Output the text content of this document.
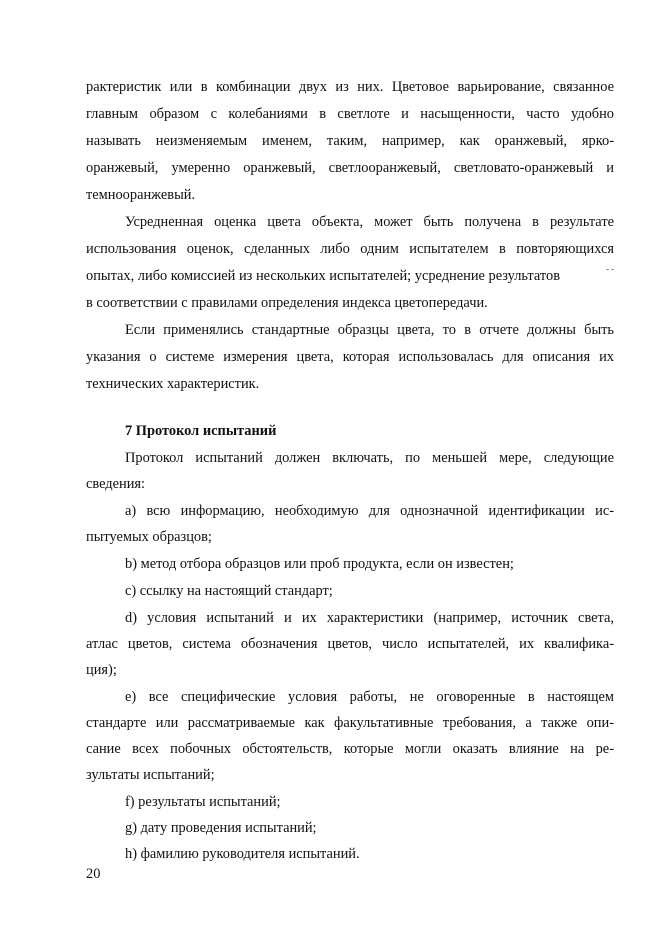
рактеристик или в комбинации двух из них. Цветовое варьирование, связанное
главным образом с колебаниями в светлоте и насыщенности, часто удобно
называть неизменяемым именем, таким, например, как оранжевый, ярко-
оранжевый, умеренно оранжевый, светлооранжевый, светловато-оранжевый и
темнооранжевый.
Усредненная оценка цвета объекта, может быть получена в результате
использования оценок, сделанных либо одним испытателем в повторяющихся
опытах, либо комиссией из нескольких испытателей; усреднение результатов
в соответствии с правилами определения индекса цветопередачи.
Если применялись стандартные образцы цвета, то в отчете должны быть
указания о системе измерения цвета, которая использовалась для описания их
технических характеристик.
7 Протокол испытаний
Протокол испытаний должен включать, по меньшей мере, следующие
сведения:
а) всю информацию, необходимую для однозначной идентификации ис-
пытуемых образцов;
b) метод отбора образцов или проб продукта, если он известен;
с) ссылку на настоящий стандарт;
d) условия испытаний и их характеристики (например, источник света,
атлас цветов, система обозначения цветов, число испытателей, их квалифика-
ция);
е) все специфические условия работы, не оговоренные в настоящем
стандарте или рассматриваемые как факультативные требования, а также опи-
сание всех побочных обстоятельств, которые могли оказать влияние на ре-
зультаты испытаний;
f) результаты испытаний;
g) дату проведения испытаний;
h) фамилию руководителя испытаний.
20
